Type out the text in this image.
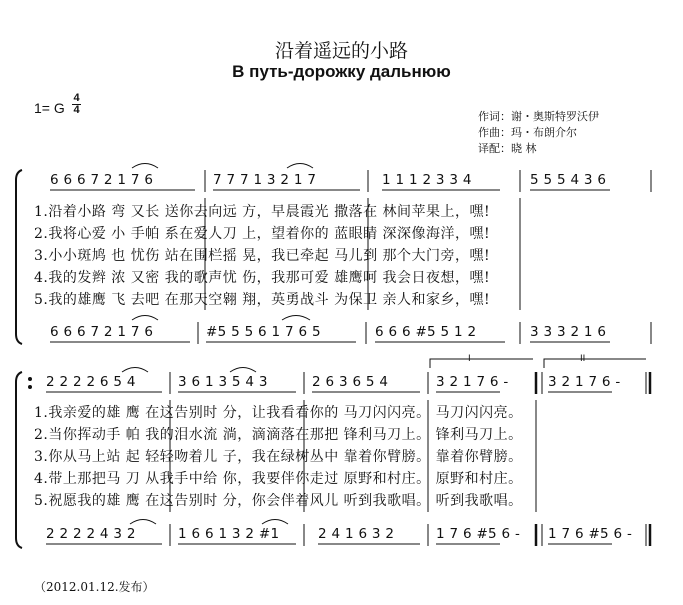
沿着遥远的小路
В путь-дорожку дальнюю
1= G
4
4	作词：谢・奥斯特罗沃伊
作曲：玛・布朗介尔
译配：晓 林
6 6 6 7 2 1 7 6	7 7 7 1 3 2 1 7	1 1 1 2 3 3 4	5 5 5 4 3 6
1.沿着小路 弯 又长 送你去向远 方，早晨霞光 撒落在 林间苹果上，嘿!
2.我将心爱 小 手帕 系在爱人刀 上，望着你的 蓝眼睛 深深像海洋，嘿!
3.小小斑鸠 也 忧伤 站在围栏摇 晃，我已牵起 马儿到 那个大门旁，嘿!
4.我的发辫 浓 又密 我的歌声忧 伤，我那可爱 雄鹰呵 我会日夜想，嘿!
5.我的雄鹰 飞 去吧 在那天空翱 翔，英勇战斗 为保卫 亲人和家乡，嘿!
6 6 6 7 2 1 7 6	#5 5 5 6 1 7 6 5	6 6 6 #5 5 1 2	3 3 3 2 1 6
I	II
2 2 2 2 6 5 4	3 6 1 3 5 4 3	2 6 3 6 5 4	3 2 1 7 6 -	3 2 1 7 6 -
1.我亲爱的雄 鹰 在这告别时 分，让我看看你的 马刀闪闪亮。 马刀闪闪亮。
2.当你挥动手 帕 我的泪水流 淌，滴滴落在那把 锋利马刀上。 锋利马刀上。
3.你从马上站 起 轻轻吻着儿 子，我在绿树丛中 靠着你臂膀。 靠着你臂膀。
4.带上那把马 刀 从我手中给 你，我要伴你走过 原野和村庄。 原野和村庄。
5.祝愿我的雄 鹰 在这告别时 分，你会伴着风儿 听到我歌唱。 听到我歌唱。
2 2 2 2 4 3 2	1 6 6 1 3 2 #1	2 4 1 6 3 2	1 7 6 #5 6 - 1 7 6 #5 6 -
（2012.01.12.发布）
